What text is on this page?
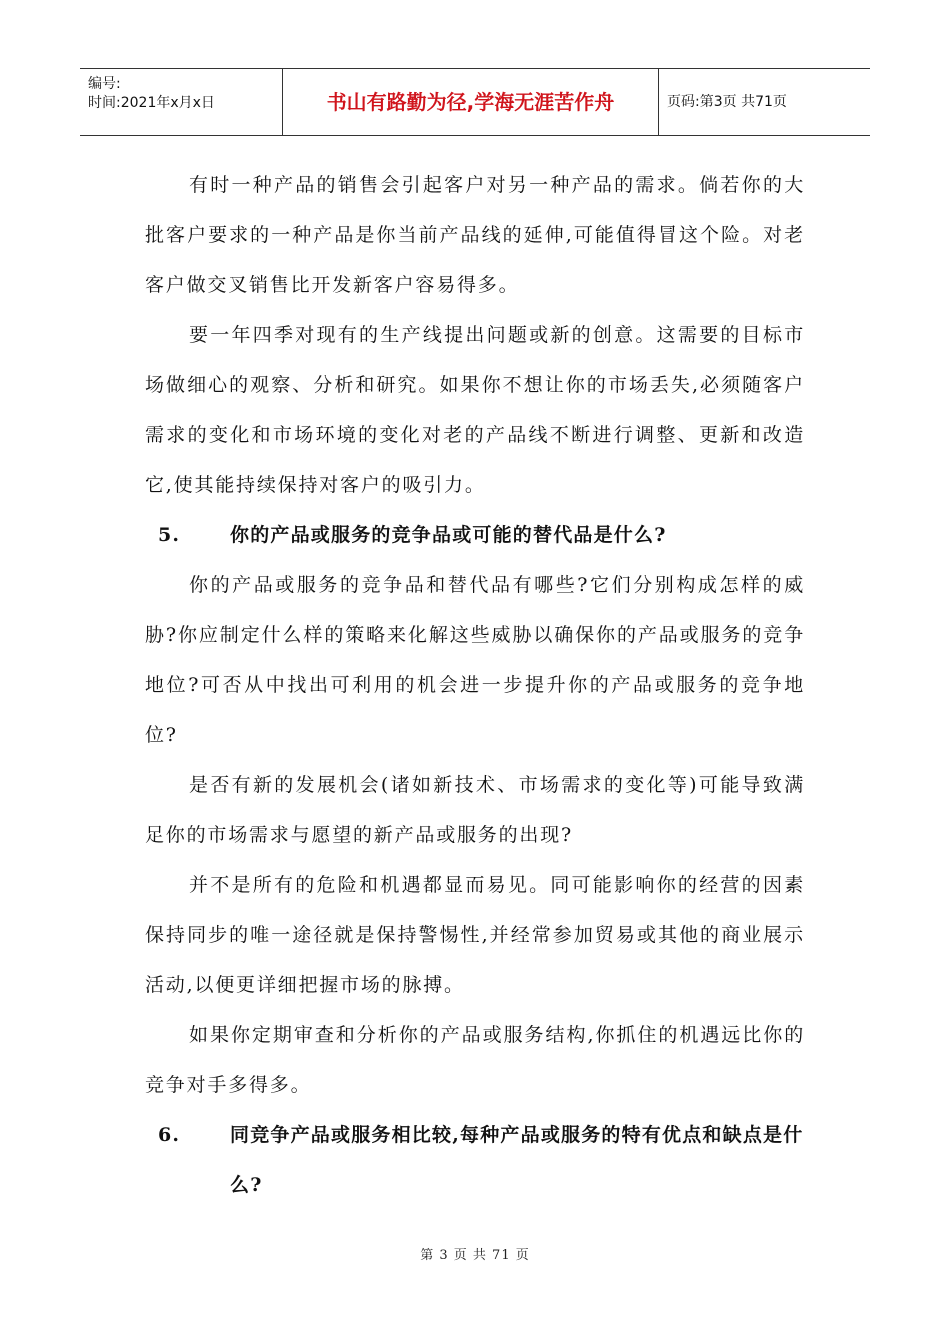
编号:
时间:2021年x月x日	书山有路勤为径,学海无涯苦作舟	页码:第3页 共71页

有时一种产品的销售会引起客户对另一种产品的需求。倘若你的大批客户要求的一种产品是你当前产品线的延伸,可能值得冒这个险。对老客户做交叉销售比开发新客户容易得多。

要一年四季对现有的生产线提出问题或新的创意。这需要的目标市场做细心的观察、分析和研究。如果你不想让你的市场丢失,必须随客户需求的变化和市场环境的变化对老的产品线不断进行调整、更新和改造它,使其能持续保持对客户的吸引力。

5.	你的产品或服务的竞争品或可能的替代品是什么?

你的产品或服务的竞争品和替代品有哪些?它们分别构成怎样的威胁?你应制定什么样的策略来化解这些威胁以确保你的产品或服务的竞争地位?可否从中找出可利用的机会进一步提升你的产品或服务的竞争地位?

是否有新的发展机会(诸如新技术、市场需求的变化等)可能导致满足你的市场需求与愿望的新产品或服务的出现?

并不是所有的危险和机遇都显而易见。同可能影响你的经营的因素保持同步的唯一途径就是保持警惕性,并经常参加贸易或其他的商业展示活动,以便更详细把握市场的脉搏。

如果你定期审查和分析你的产品或服务结构,你抓住的机遇远比你的竞争对手多得多。

6.	同竞争产品或服务相比较,每种产品或服务的特有优点和缺点是什么?

第 3 页 共 71 页
